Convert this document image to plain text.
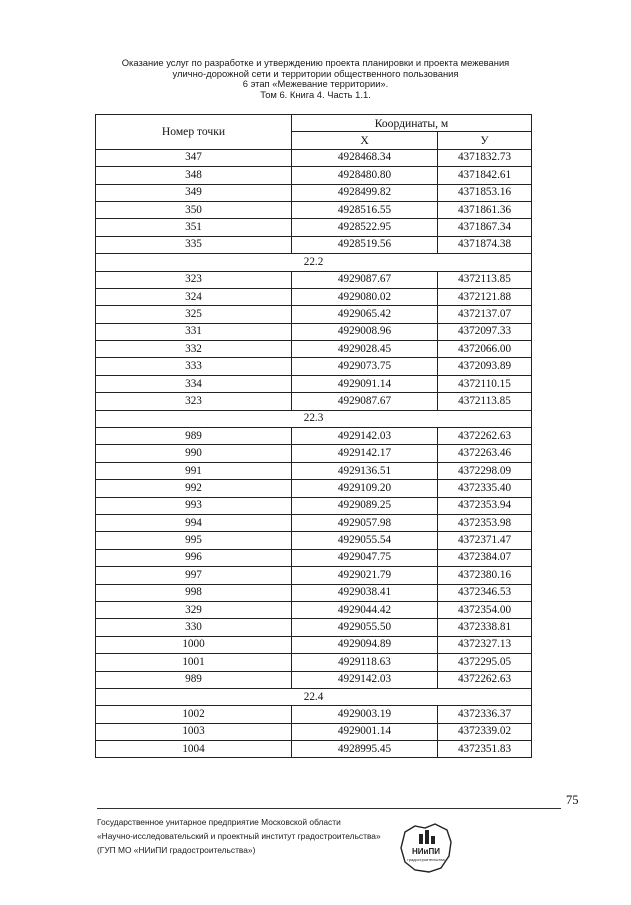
Оказание услуг по разработке и утверждению проекта планировки и проекта межевания
улично-дорожной сети и территории общественного пользования
6 этап «Межевание территории».
Том 6. Книга 4. Часть 1.1.
Номер точки	Координаты, м	
	X	У
347	4928468.34	4371832.73
348	4928480.80	4371842.61
349	4928499.82	4371853.16
350	4928516.55	4371861.36
351	4928522.95	4371867.34
335	4928519.56	4371874.38
22.2		
323	4929087.67	4372113.85
324	4929080.02	4372121.88
325	4929065.42	4372137.07
331	4929008.96	4372097.33
332	4929028.45	4372066.00
333	4929073.75	4372093.89
334	4929091.14	4372110.15
323	4929087.67	4372113.85
22.3		
989	4929142.03	4372262.63
990	4929142.17	4372263.46
991	4929136.51	4372298.09
992	4929109.20	4372335.40
993	4929089.25	4372353.94
994	4929057.98	4372353.98
995	4929055.54	4372371.47
996	4929047.75	4372384.07
997	4929021.79	4372380.16
998	4929038.41	4372346.53
329	4929044.42	4372354.00
330	4929055.50	4372338.81
1000	4929094.89	4372327.13
1001	4929118.63	4372295.05
989	4929142.03	4372262.63
22.4		
1002	4929003.19	4372336.37
1003	4929001.14	4372339.02
1004	4928995.45	4372351.83
75
Государственное унитарное предприятие Московской области
«Научно-исследовательский и проектный институт градостроительства»
(ГУП МО «НИиПИ градостроительства»)	НИиПИ
градостроительства
